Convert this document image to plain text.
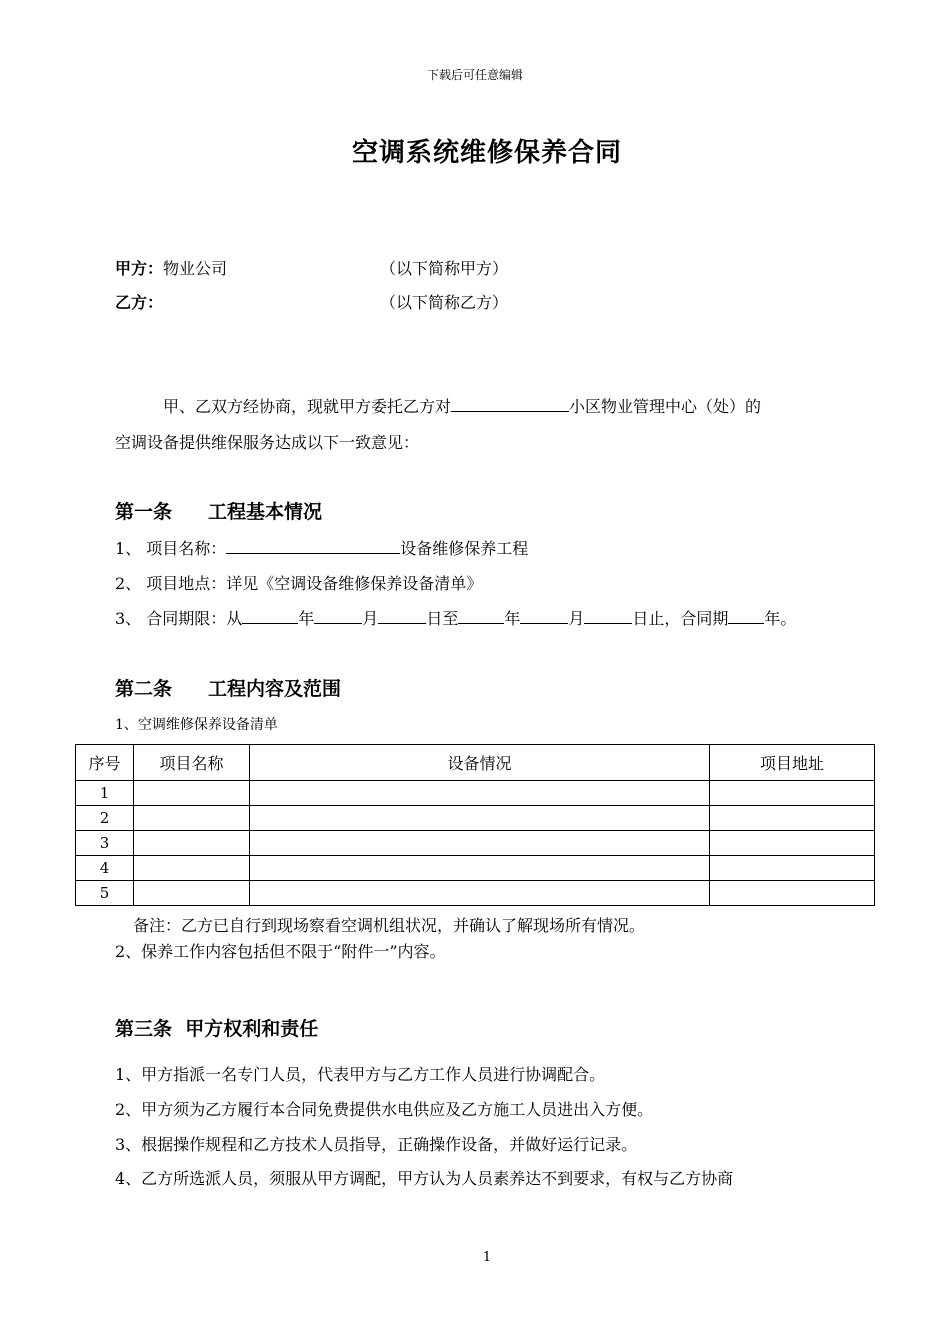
下载后可任意编辑
空调系统维修保养合同
甲方：物业公司	（以下简称甲方）
乙方：	（以下简称乙方）
甲、乙双方经协商，现就甲方委托乙方对	小区物业管理中心（处）的
空调设备提供维保服务达成以下一致意见：
第一条 工程基本情况
1、 项目名称：	设备维修保养工程
2、 项目地点：详见《空调设备维修保养设备清单》
3、 合同期限：从	年	月	日至	年	月	日止，合同期 年。
第二条 工程内容及范围
1、空调维修保养设备清单
序号	项目名称	设备情况	项目地址
1			
2			
3			
4			
5			
备注：乙方已自行到现场察看空调机组状况，并确认了解现场所有情况。
2、保养工作内容包括但不限于“附件一”内容。
第三条  甲方权利和责任
1、甲方指派一名专门人员，代表甲方与乙方工作人员进行协调配合。
2、甲方须为乙方履行本合同免费提供水电供应及乙方施工人员进出入方便。
3、根据操作规程和乙方技术人员指导，正确操作设备，并做好运行记录。
4、乙方所选派人员，须服从甲方调配，甲方认为人员素养达不到要求，有权与乙方协商
1
